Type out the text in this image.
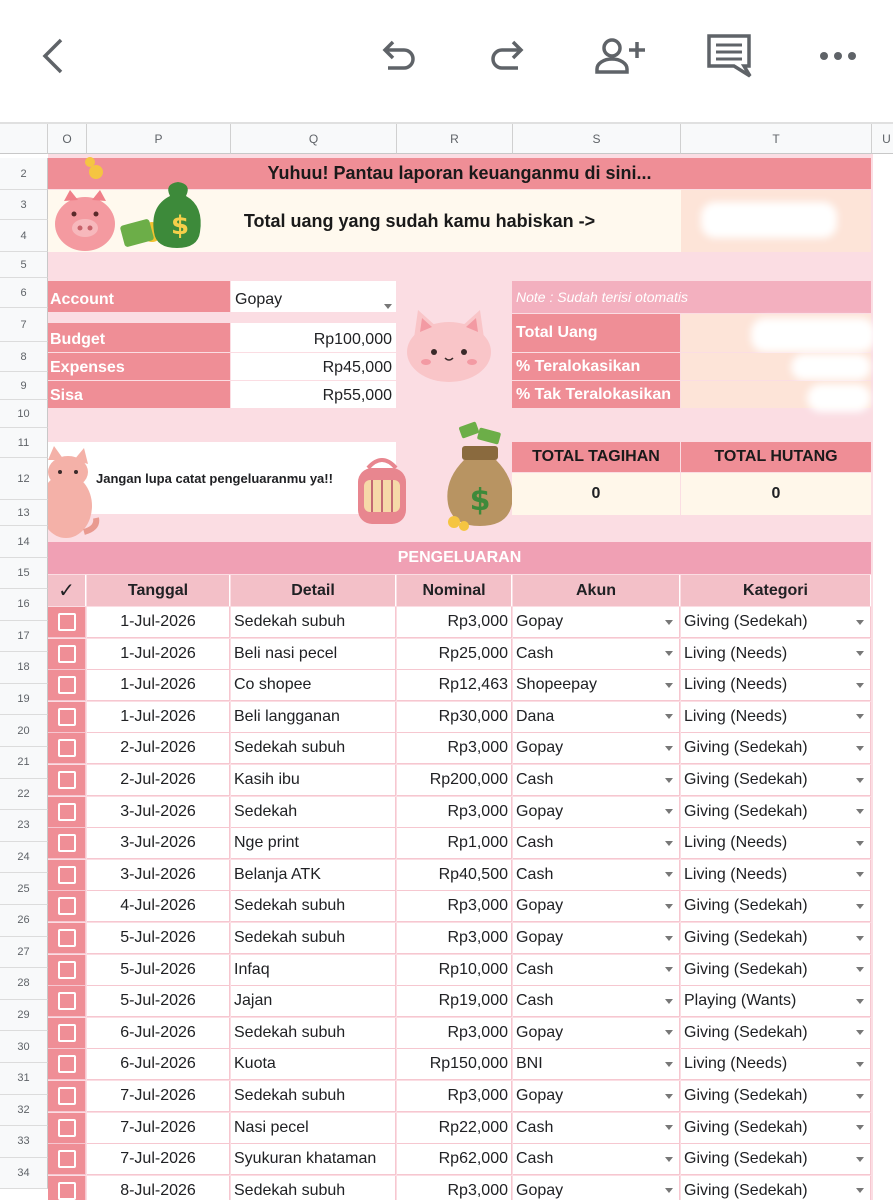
O	P	Q	R	S	T	U
Yuhuu! Pantau laporan keuanganmu di sini...
Total uang yang sudah kamu habiskan ->
$
Account	Gopay
Budget	Rp100,000
Expenses	Rp45,000
Sisa	Rp55,000
Note : Sudah terisi otomatis
Total Uang
% Teralokasikan
% Tak Teralokasikan
Jangan lupa catat pengeluaranmu ya!!
$
TOTAL TAGIHAN	TOTAL HUTANG
0	0
PENGELUARAN
✓	Tanggal	Detail	Nominal	Akun	Kategori
1-Jul-2026	Sedekah subuh	Rp3,000 Gopay	Giving (Sedekah)
1-Jul-2026	Beli nasi pecel	Rp25,000 Cash	Living (Needs)
1-Jul-2026	Co shopee	Rp12,463 Shopeepay	Living (Needs)
1-Jul-2026	Beli langganan	Rp30,000 Dana	Living (Needs)
2-Jul-2026	Sedekah subuh	Rp3,000 Gopay	Giving (Sedekah)
2-Jul-2026	Kasih ibu	Rp200,000 Cash	Giving (Sedekah)
3-Jul-2026	Sedekah	Rp3,000 Gopay	Giving (Sedekah)
3-Jul-2026	Nge print	Rp1,000 Cash	Living (Needs)
3-Jul-2026	Belanja ATK	Rp40,500 Cash	Living (Needs)
4-Jul-2026	Sedekah subuh	Rp3,000 Gopay	Giving (Sedekah)
5-Jul-2026	Sedekah subuh	Rp3,000 Gopay	Giving (Sedekah)
5-Jul-2026	Infaq	Rp10,000 Cash	Giving (Sedekah)
5-Jul-2026	Jajan	Rp19,000 Cash	Playing (Wants)
6-Jul-2026	Sedekah subuh	Rp3,000 Gopay	Giving (Sedekah)
6-Jul-2026	Kuota	Rp150,000 BNI	Living (Needs)
7-Jul-2026	Sedekah subuh	Rp3,000 Gopay	Giving (Sedekah)
7-Jul-2026	Nasi pecel	Rp22,000 Cash	Giving (Sedekah)
7-Jul-2026	Syukuran khataman	Rp62,000 Cash	Giving (Sedekah)
8-Jul-2026	Sedekah subuh	Rp3,000 Gopay	Giving (Sedekah)
2
3
4
5
6
7
8
9
10
11
12
13
14
15
16
17
18
19
20
21
22
23
24
25
26
27
28
29
30
31
32
33
34
